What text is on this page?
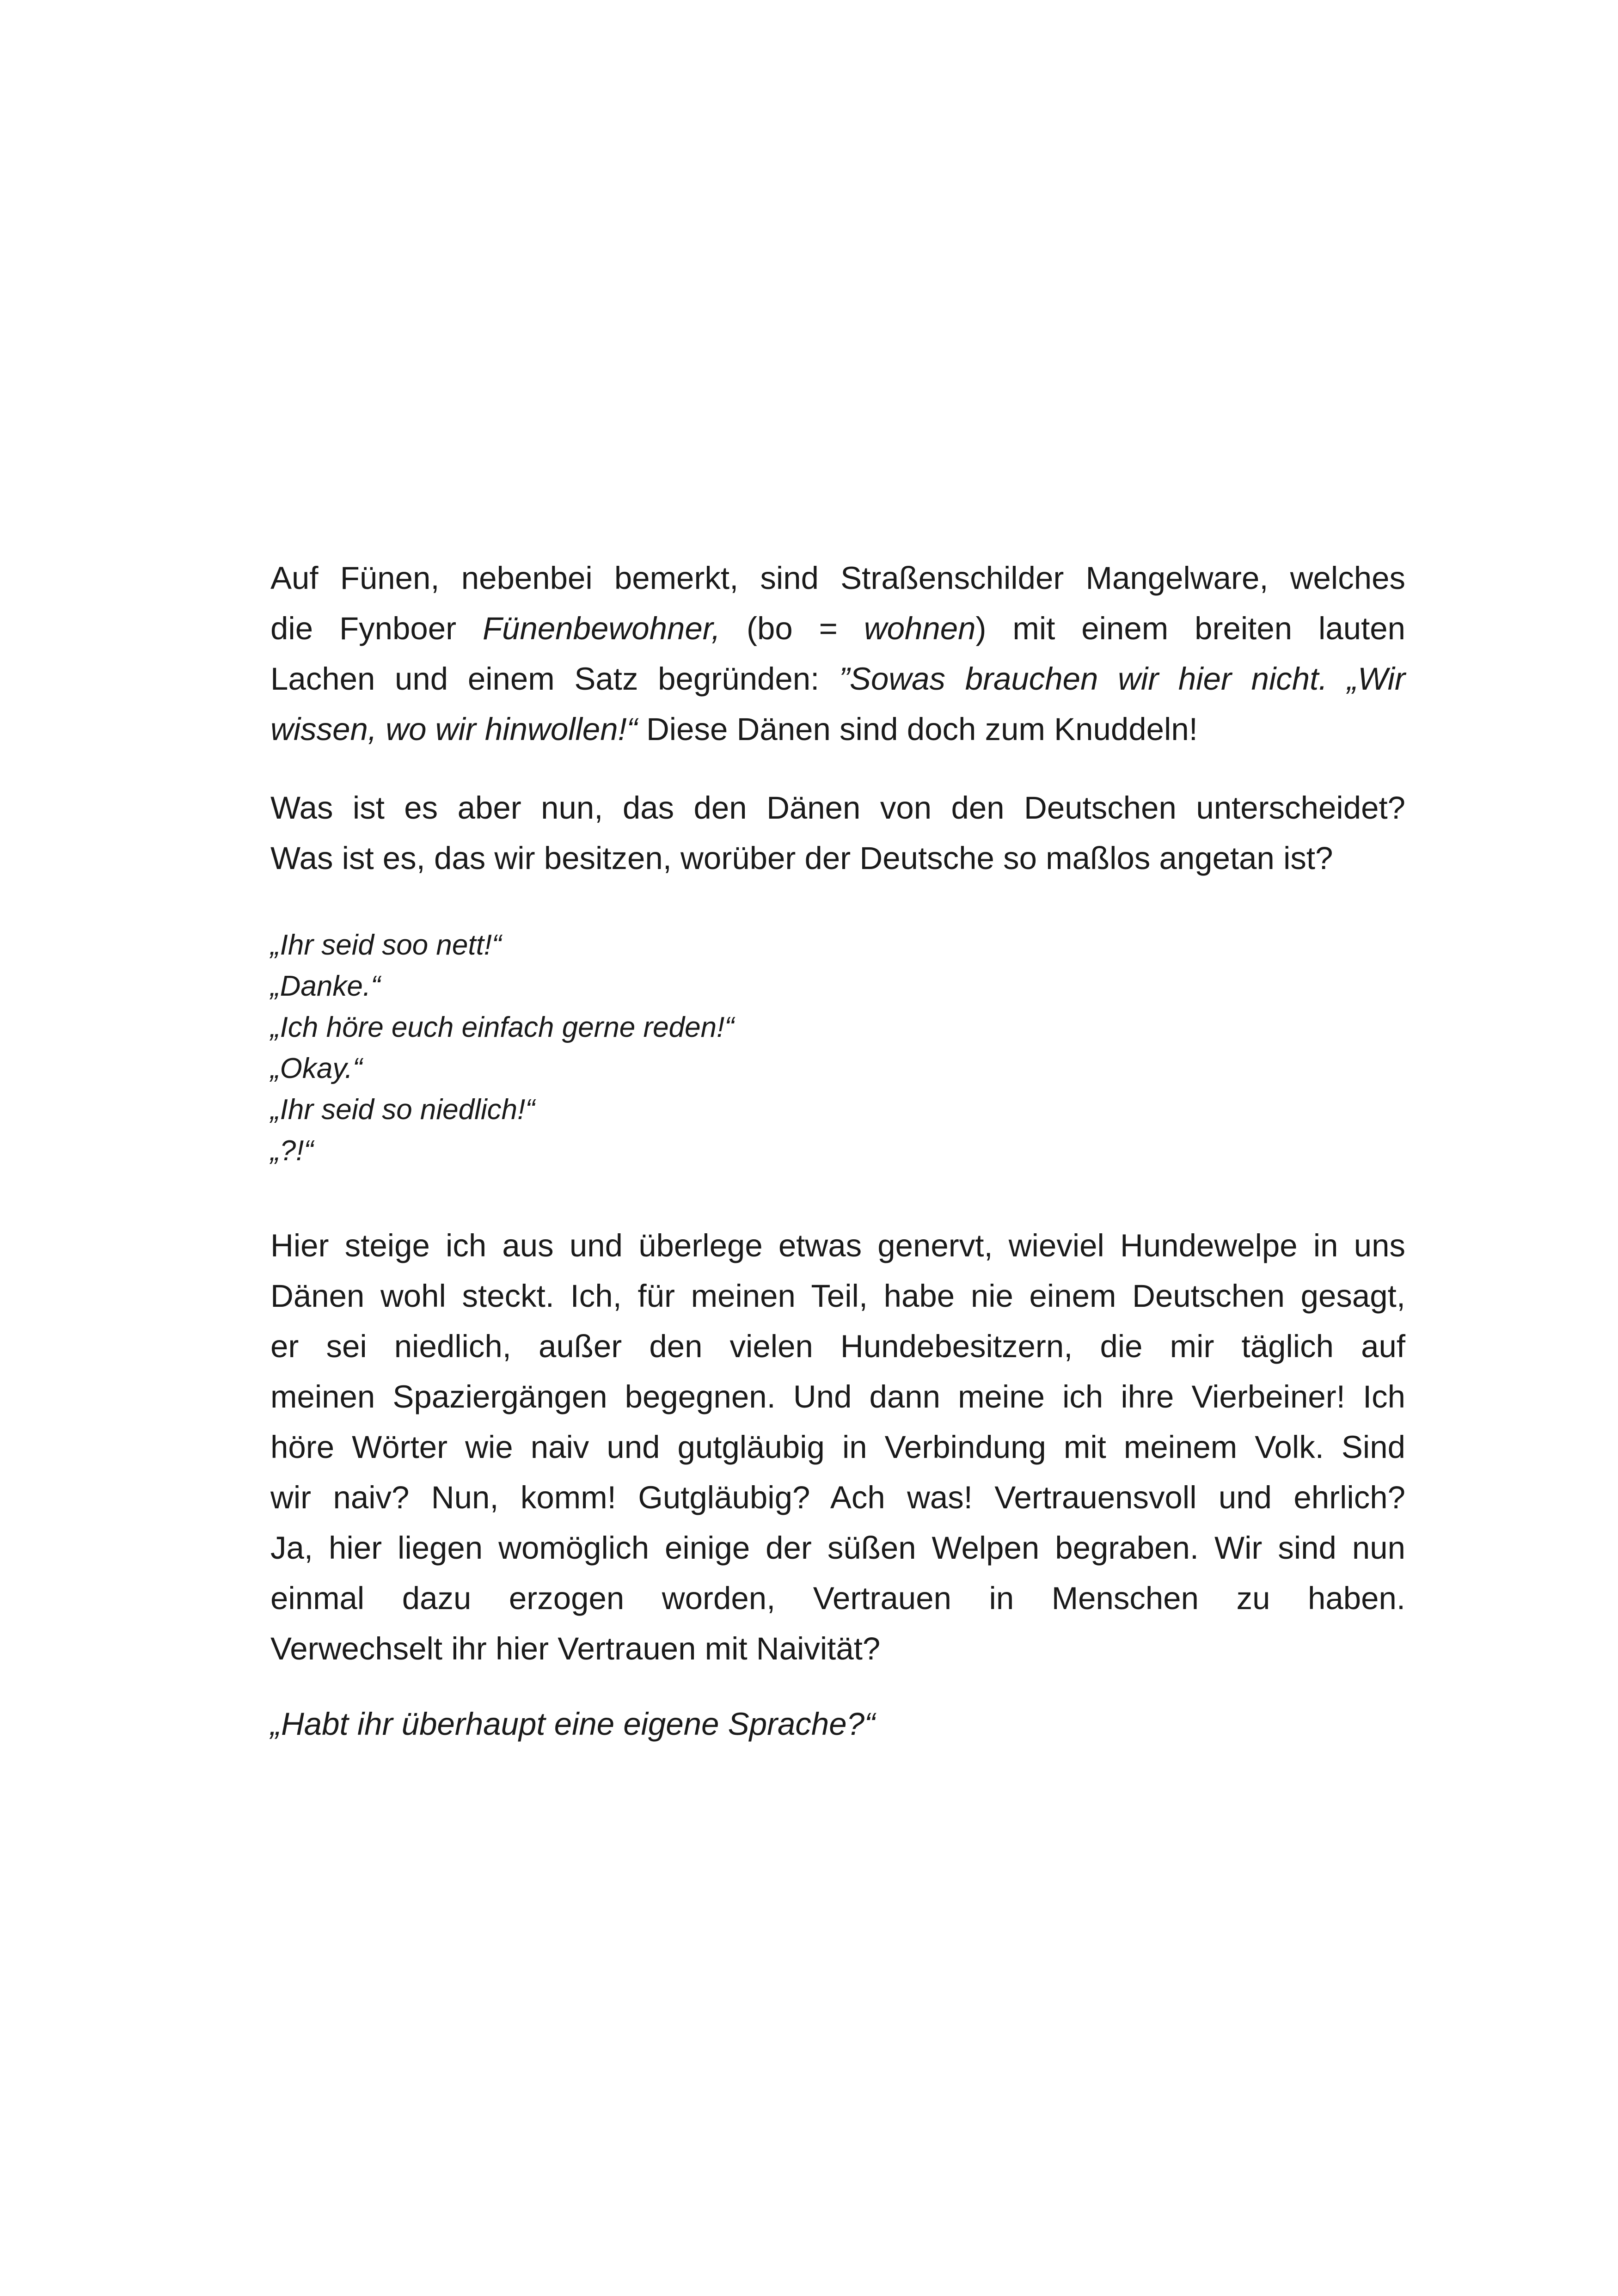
Auf Fünen, nebenbei bemerkt, sind Straßenschilder Mangelware, welches
die Fynboer Fünenbewohner, (bo = wohnen) mit einem breiten lauten
Lachen und einem Satz begründen: ”Sowas brauchen wir hier nicht. „Wir
wissen, wo wir hinwollen!“ Diese Dänen sind doch zum Knuddeln!
Was ist es aber nun, das den Dänen von den Deutschen unterscheidet?
Was ist es, das wir besitzen, worüber der Deutsche so maßlos angetan ist?
„Ihr seid soo nett!“
„Danke.“
„Ich höre euch einfach gerne reden!“
„Okay.“
„Ihr seid so niedlich!“
„?!“
Hier steige ich aus und überlege etwas genervt, wieviel Hundewelpe in uns
Dänen wohl steckt. Ich, für meinen Teil, habe nie einem Deutschen gesagt,
er sei niedlich, außer den vielen Hundebesitzern, die mir täglich auf
meinen Spaziergängen begegnen. Und dann meine ich ihre Vierbeiner! Ich
höre Wörter wie naiv und gutgläubig in Verbindung mit meinem Volk. Sind
wir naiv? Nun, komm! Gutgläubig? Ach was! Vertrauensvoll und ehrlich?
Ja, hier liegen womöglich einige der süßen Welpen begraben. Wir sind nun
einmal dazu erzogen worden, Vertrauen in Menschen zu haben.
Verwechselt ihr hier Vertrauen mit Naivität?
„Habt ihr überhaupt eine eigene Sprache?“
